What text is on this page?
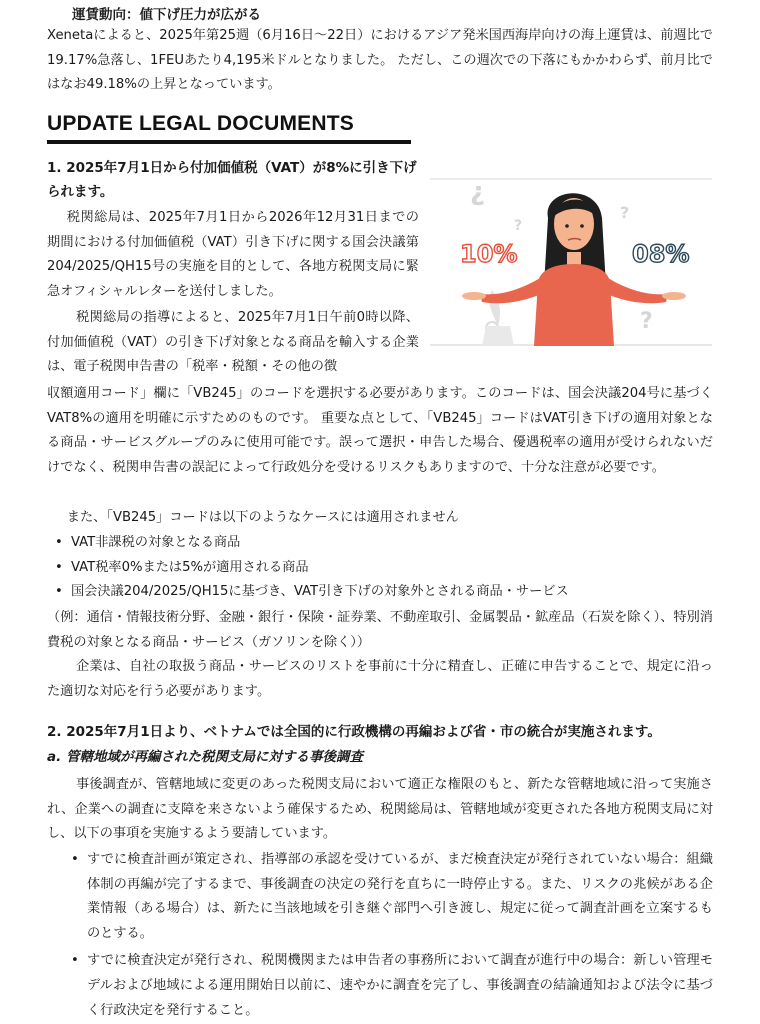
運賃動向：値下げ圧力が広がる

Xenetaによると、2025年第25週（6月16日～22日）におけるアジア発米国西海岸向けの海上運賃は、前週比で19.17%急落し、1FEUあたり4,195米ドルとなりました。 ただし、この週次での下落にもかかわらず、前月比ではなお49.18%の上昇となっています。

UPDATE LEGAL DOCUMENTS

1. 2025年7月1日から付加価値税（VAT）が8%に引き下げられます。

税関総局は、2025年7月1日から2026年12月31日までの期間における付加価値税（VAT）引き下げに関する国会決議第204/2025/QH15号の実施を目的として、各地方税関支局に緊急オフィシャルレターを送付しました。

税関総局の指導によると、2025年7月1日午前0時以降、付加価値税（VAT）の引き下げ対象となる商品を輸入する企業は、電子税関申告書の「税率・税額・その他の徴

収額適用コード」欄に「VB245」のコードを選択する必要があります。このコードは、国会決議204号に基づくVAT8%の適用を明確に示すためのものです。 重要な点として、「VB245」コードはVAT引き下げの適用対象となる商品・サービスグループのみに使用可能です。誤って選択・申告した場合、優遇税率の適用が受けられないだけでなく、税関申告書の誤記によって行政処分を受けるリスクもありますので、十分な注意が必要です。

また、「VB245」コードは以下のようなケースには適用されません

• VAT非課税の対象となる商品
• VAT税率0%または5%が適用される商品
• 国会決議204/2025/QH15に基づき、VAT引き下げの対象外とされる商品・サービス

（例：通信・情報技術分野、金融・銀行・保険・証券業、不動産取引、金属製品・鉱産品（石炭を除く）、特別消費税の対象となる商品・サービス（ガソリンを除く））

企業は、自社の取扱う商品・サービスのリストを事前に十分に精査し、正確に申告することで、規定に沿った適切な対応を行う必要があります。

¿
?
?
?
10%	08%

2. 2025年7月1日より、ベトナムでは全国的に行政機構の再編および省・市の統合が実施されます。

a. 管轄地域が再編された税関支局に対する事後調査

事後調査が、管轄地域に変更のあった税関支局において適正な権限のもと、新たな管轄地域に沿って実施され、企業への調査に支障を来さないよう確保するため、税関総局は、管轄地域が変更された各地方税関支局に対し、以下の事項を実施するよう要請しています。

• すでに検査計画が策定され、指導部の承認を受けているが、まだ検査決定が発行されていない場合：組織体制の再編が完了するまで、事後調査の決定の発行を直ちに一時停止する。また、リスクの兆候がある企業情報（ある場合）は、新たに当該地域を引き継ぐ部門へ引き渡し、規定に従って調査計画を立案するものとする。
• すでに検査決定が発行され、税関機関または申告者の事務所において調査が進行中の場合：新しい管理モデルおよび地域による運用開始日以前に、速やかに調査を完了し、事後調査の結論通知および法令に基づく行政決定を発行すること。
